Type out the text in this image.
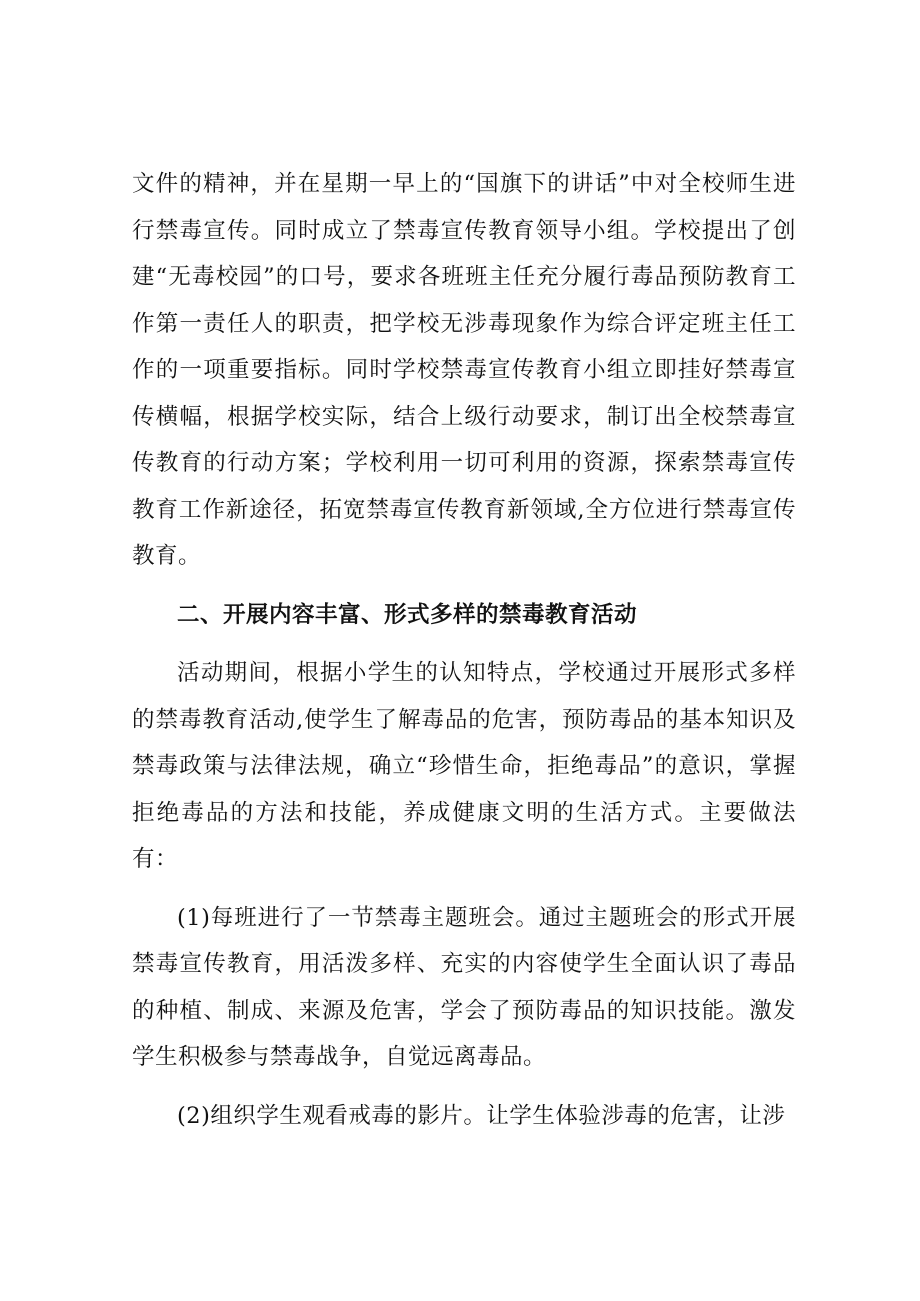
文件的精神，并在星期一早上的“国旗下的讲话”中对全校师生进行禁毒宣传。同时成立了禁毒宣传教育领导小组。学校提出了创建“无毒校园”的口号，要求各班班主任充分履行毒品预防教育工作第一责任人的职责，把学校无涉毒现象作为综合评定班主任工作的一项重要指标。同时学校禁毒宣传教育小组立即挂好禁毒宣传横幅，根据学校实际，结合上级行动要求，制订出全校禁毒宣传教育的行动方案；学校利用一切可利用的资源，探索禁毒宣传教育工作新途径，拓宽禁毒宣传教育新领域,全方位进行禁毒宣传教育。

二、开展内容丰富、形式多样的禁毒教育活动

活动期间，根据小学生的认知特点，学校通过开展形式多样的禁毒教育活动,使学生了解毒品的危害，预防毒品的基本知识及禁毒政策与法律法规，确立“珍惜生命，拒绝毒品”的意识，掌握拒绝毒品的方法和技能，养成健康文明的生活方式。主要做法有：

(1)每班进行了一节禁毒主题班会。通过主题班会的形式开展禁毒宣传教育，用活泼多样、充实的内容使学生全面认识了毒品的种植、制成、来源及危害，学会了预防毒品的知识技能。激发学生积极参与禁毒战争，自觉远离毒品。

(2)组织学生观看戒毒的影片。让学生体验涉毒的危害，让涉
